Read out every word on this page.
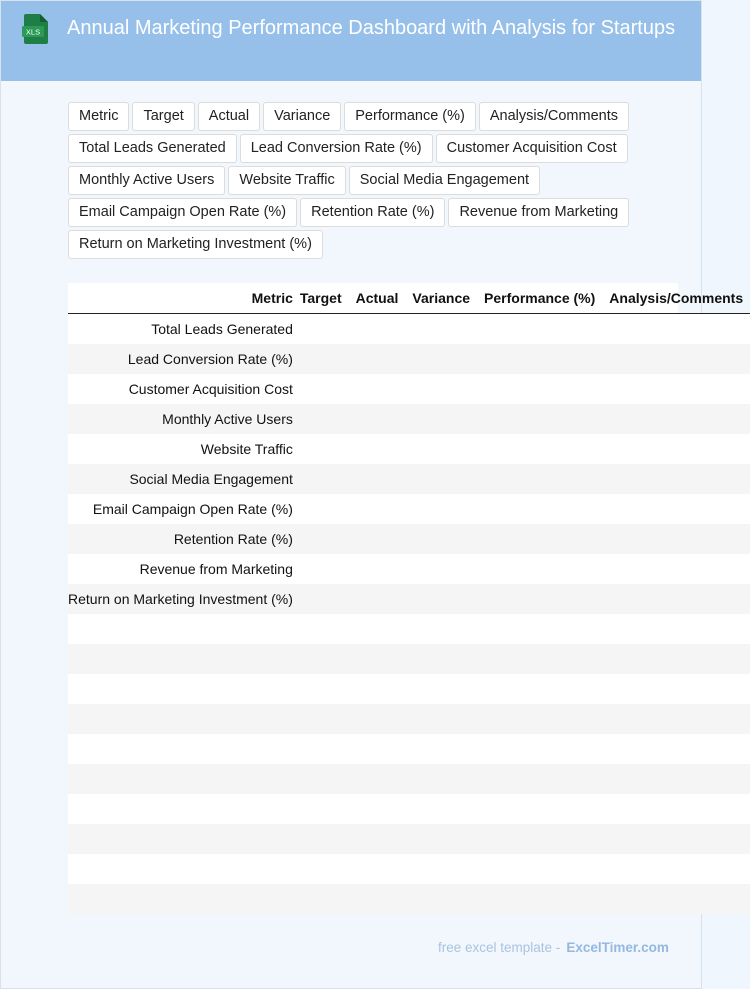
XLS	Annual Marketing Performance Dashboard with Analysis for Startups
Metric	Target	Actual	Variance	Performance (%)	Analysis/Comments
Total Leads Generated	Lead Conversion Rate (%)	Customer Acquisition Cost
Monthly Active Users	Website Traffic	Social Media Engagement
Email Campaign Open Rate (%)	Retention Rate (%)	Revenue from Marketing
Return on Marketing Investment (%)
	Metric	Target	Actual	Variance	Performance (%)	Analysis/Comments

	Total Leads Generated					

	Lead Conversion Rate (%)					

	Customer Acquisition Cost					

	Monthly Active Users					

	Website Traffic					

	Social Media Engagement					

	Email Campaign Open Rate (%)					

	Retention Rate (%)					

	Revenue from Marketing					

	Return on Marketing Investment (%)					

free excel template - ExcelTimer.com
